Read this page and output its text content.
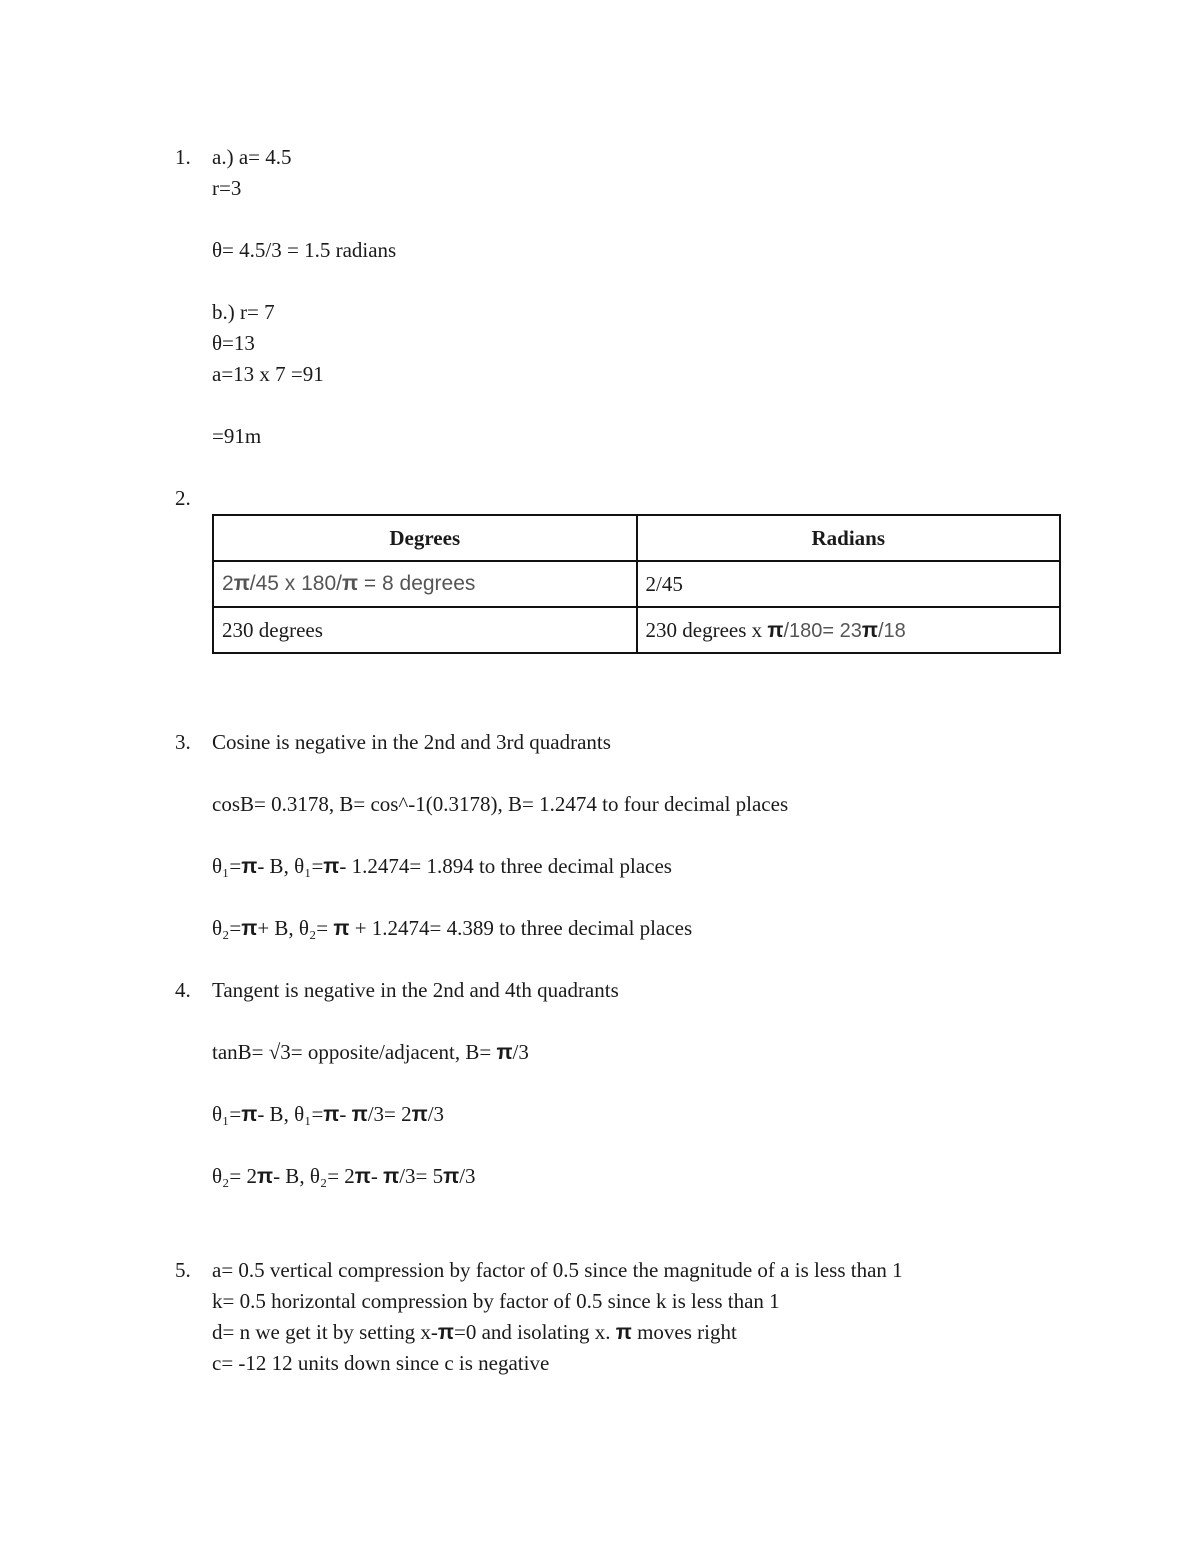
1. a.) a= 4.5
r=3
θ= 4.5/3 = 1.5 radians
b.) r= 7
θ=13
a=13 x 7 =91
=91m
2.
Degrees	Radians
2π/45 x 180/π = 8 degrees	2/45
230 degrees	230 degrees x π/180= 23π/18
3. Cosine is negative in the 2nd and 3rd quadrants
cosB= 0.3178, B= cos^-1(0.3178), B= 1.2474 to four decimal places
θ₁=π- B, θ₁=π- 1.2474= 1.894 to three decimal places
θ₂=π+ B, θ₂= π + 1.2474= 4.389 to three decimal places
4. Tangent is negative in the 2nd and 4th quadrants
tanB= √3= opposite/adjacent, B= π/3
θ₁=π- B, θ₁=π- π/3= 2π/3
θ₂= 2π- B, θ₂= 2π- π/3= 5π/3
5. a= 0.5 vertical compression by factor of 0.5 since the magnitude of a is less than 1
k= 0.5 horizontal compression by factor of 0.5 since k is less than 1
d= n we get it by setting x-π=0 and isolating x. π moves right
c= -12 12 units down since c is negative
